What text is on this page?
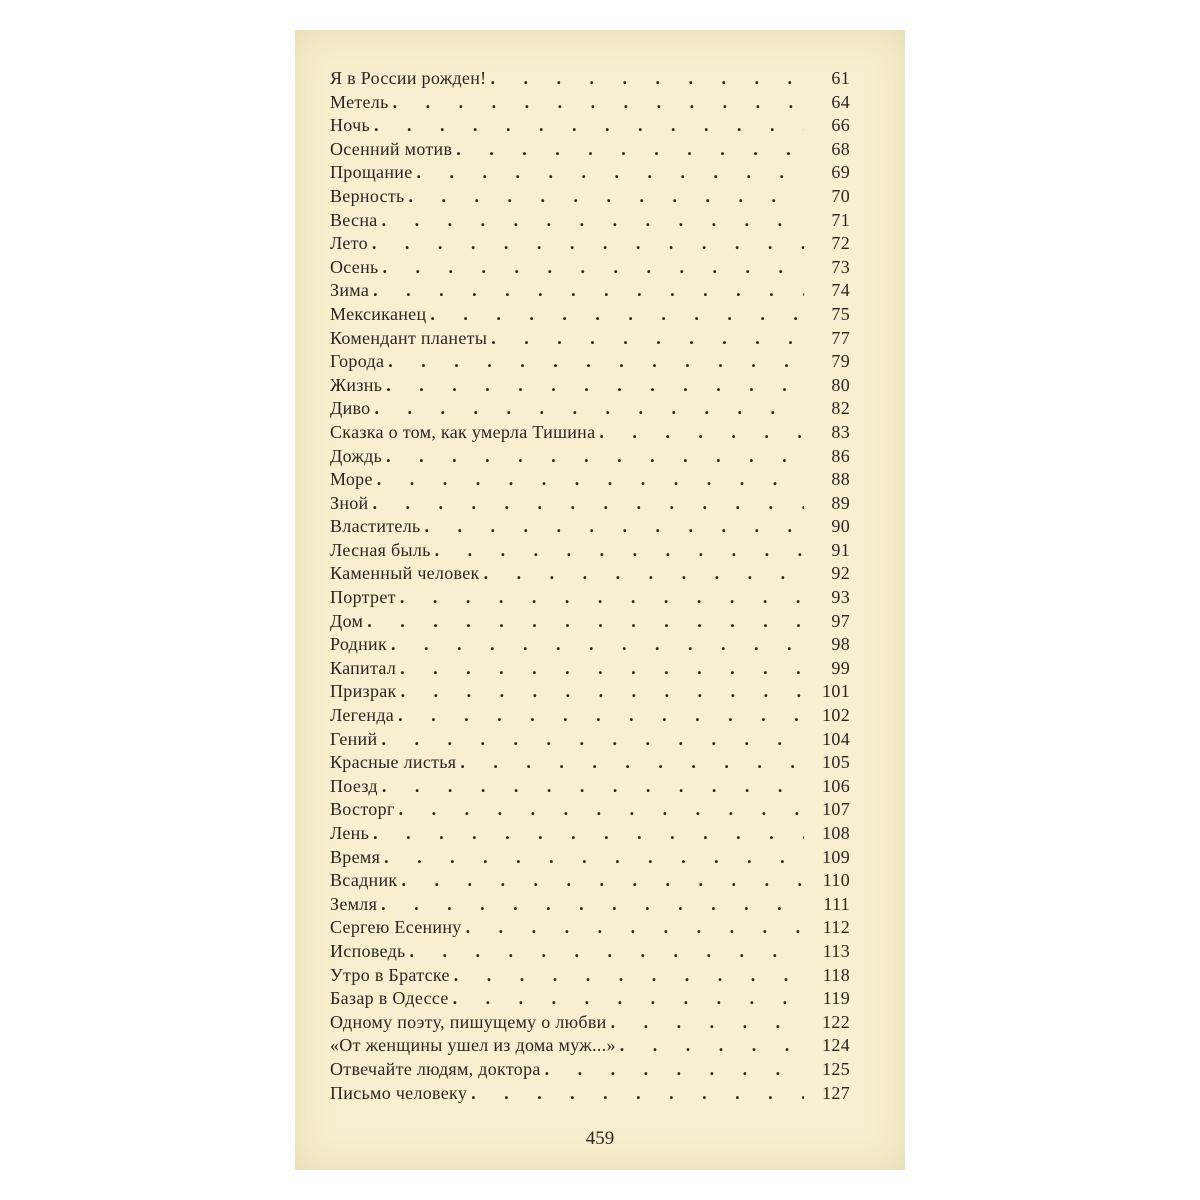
Я в России рожден! . . .	61
Метель . . .	64
Ночь . . .	66
Осенний мотив . . .	68
Прощание . . .	69
Верность . . .	70
Весна . . .	71
Лето . . .	72
Осень . . .	73
Зима . . .	74
Мексиканец . . .	75
Комендант планеты . . .	77
Города . . .	79
Жизнь . . .	80
Диво . . .	82
Сказка о том, как умерла Тишина . . .	83
Дождь . . .	86
Море . . .	88
Зной . . .	89
Властитель . . .	90
Лесная быль . . .	91
Каменный человек . . .	92
Портрет . . .	93
Дом . . .	97
Родник . . .	98
Капитал . . .	99
Призрак . . .	101
Легенда . . .	102
Гений . . .	104
Красные листья . . .	105
Поезд . . .	106
Восторг . . .	107
Лень . . .	108
Время . . .	109
Всадник . . .	110
Земля . . .	111
Сергею Есенину . . .	112
Исповедь . . .	113
Утро в Братске . . .	118
Базар в Одессе . . .	119
Одному поэту, пишущему о любви . . .	122
«От женщины ушел из дома муж...» . . .	124
Отвечайте людям, доктора . . .	125
Письмо человеку . . .	127
459
